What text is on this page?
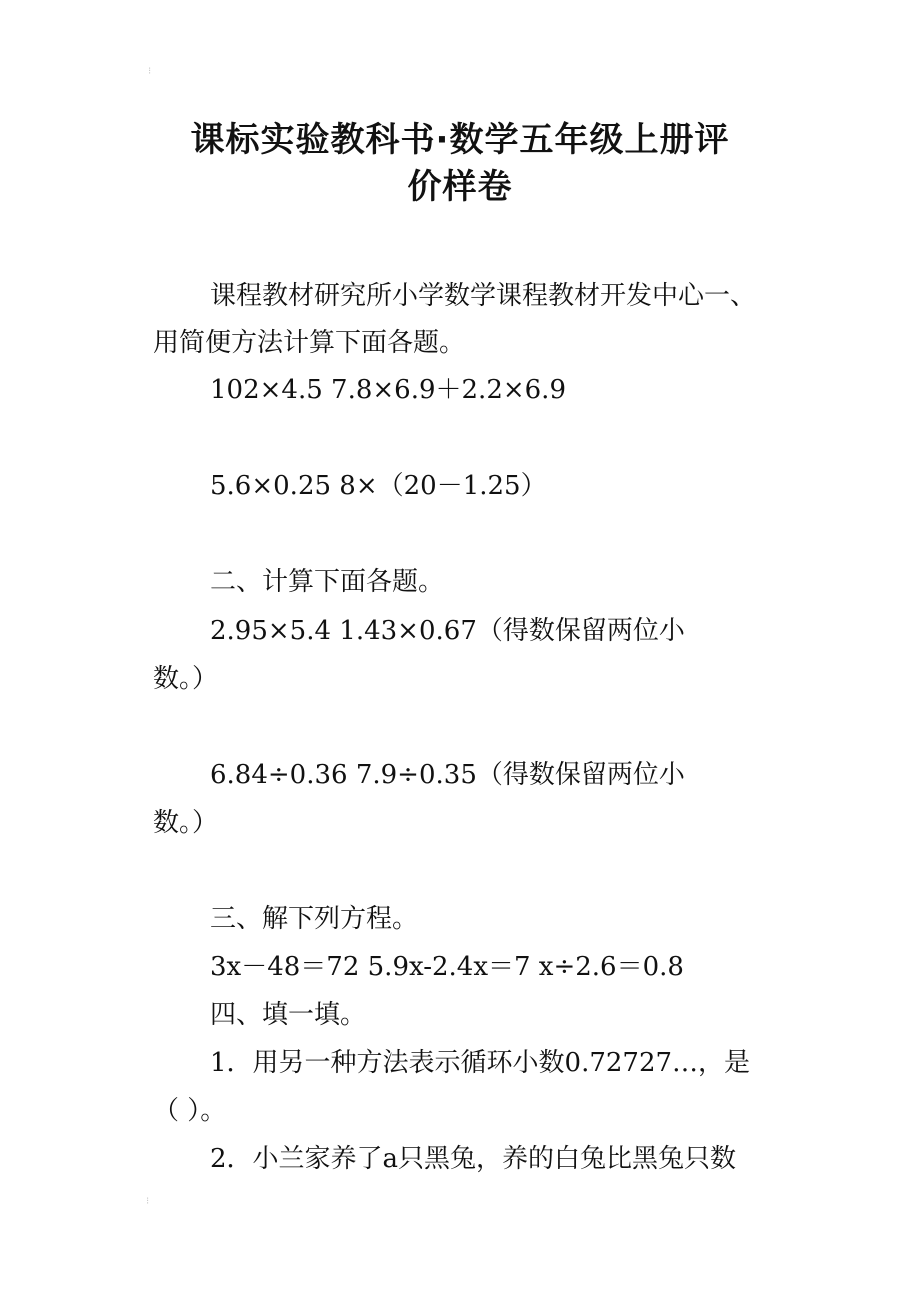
⁝
课标实验教科书·数学五年级上册评
价样卷
课程教材研究所小学数学课程教材开发中心一、
用简便方法计算下面各题。
102×4.5 7.8×6.9＋2.2×6.9
5.6×0.25 8×（20－1.25）
二、计算下面各题。
2.95×5.4 1.43×0.67（得数保留两位小
数。）
6.84÷0.36 7.9÷0.35（得数保留两位小
数。）
三、解下列方程。
3x－48＝72 5.9x-2.4x＝7 x÷2.6＝0.8
四、填一填。
1．用另一种方法表示循环小数0.72727…，是
（ ）。
2．小兰家养了a只黑兔，养的白兔比黑兔只数
⁝
